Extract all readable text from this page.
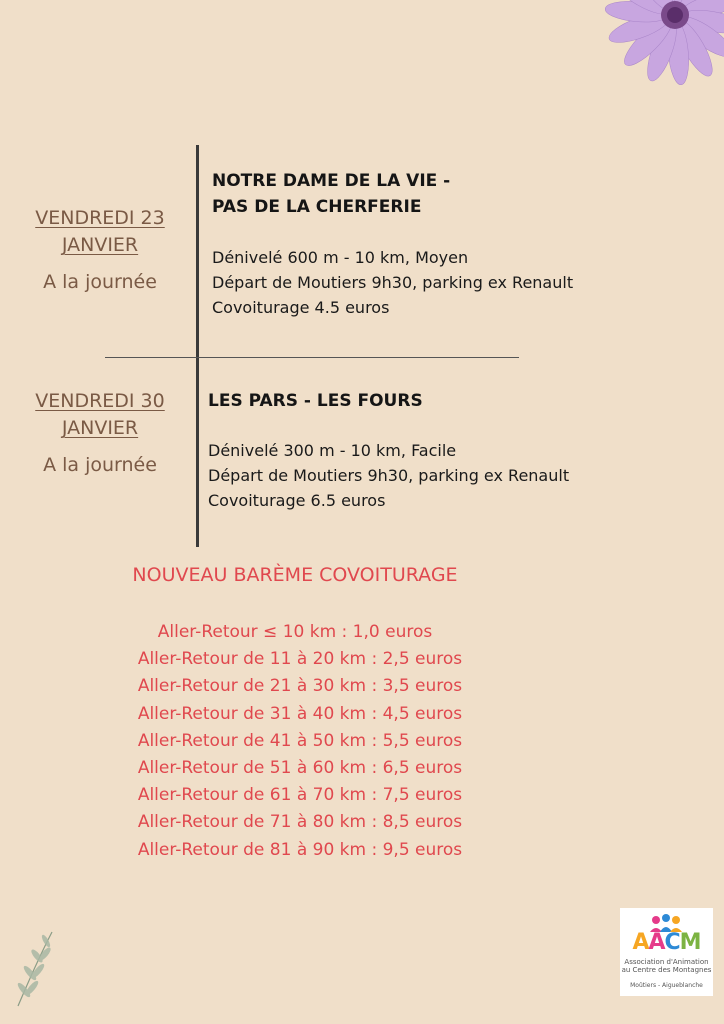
VENDREDI 23
JANVIER
A la journée
NOTRE DAME DE LA VIE -
PAS DE LA CHERFERIE
Dénivelé 600 m - 10 km, Moyen
Départ de Moutiers 9h30, parking ex Renault
Covoiturage 4.5 euros
VENDREDI 30
JANVIER
A la journée
LES PARS - LES FOURS
Dénivelé 300 m - 10 km, Facile
Départ de Moutiers 9h30, parking ex Renault
Covoiturage 6.5 euros
NOUVEAU BARÈME COVOITURAGE
Aller-Retour ≤ 10 km : 1,0 euros
Aller-Retour de 11 à 20 km : 2,5 euros
Aller-Retour de 21 à 30 km : 3,5 euros
Aller-Retour de 31 à 40 km : 4,5 euros
Aller-Retour de 41 à 50 km : 5,5 euros
Aller-Retour de 51 à 60 km : 6,5 euros
Aller-Retour de 61 à 70 km : 7,5 euros
Aller-Retour de 71 à 80 km : 8,5 euros
Aller-Retour de 81 à 90 km : 9,5 euros
AACM
Association d'Animation
au Centre des Montagnes
Moûtiers - Aigueblanche
